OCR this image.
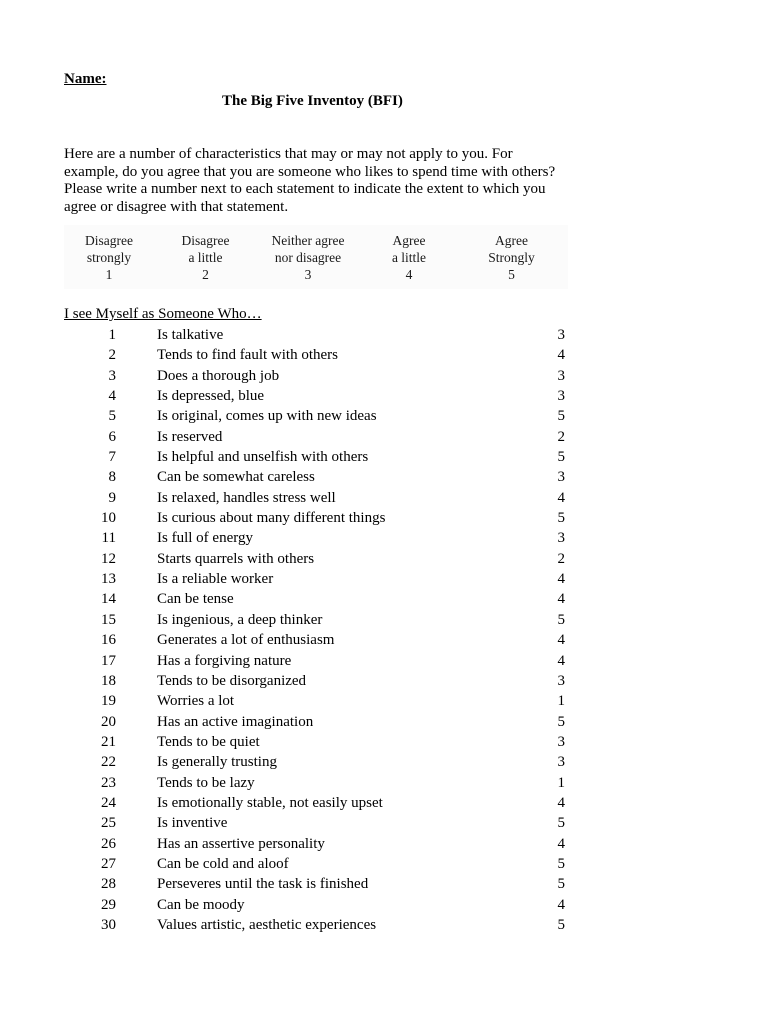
Name:
The Big Five Inventoy (BFI)
Here are a number of characteristics that may or may not apply to you. For
example, do you agree that you are someone who likes to spend time with others?
Please write a number next to each statement to indicate the extent to which you
agree or disagree with that statement.
Disagree
strongly
1
Disagree
a little
2
Neither agree
nor disagree
3
Agree
a little
4
Agree
Strongly
5
I see Myself as Someone Who…
1	Is talkative	3
2	Tends to find fault with others	4
3	Does a thorough job	3
4	Is depressed, blue	3
5	Is original, comes up with new ideas	5
6	Is reserved	2
7	Is helpful and unselfish with others	5
8	Can be somewhat careless	3
9	Is relaxed, handles stress well	4
10	Is curious about many different things	5
11	Is full of energy	3
12	Starts quarrels with others	2
13	Is a reliable worker	4
14	Can be tense	4
15	Is ingenious, a deep thinker	5
16	Generates a lot of enthusiasm	4
17	Has a forgiving nature	4
18	Tends to be disorganized	3
19	Worries a lot	1
20	Has an active imagination	5
21	Tends to be quiet	3
22	Is generally trusting	3
23	Tends to be lazy	1
24	Is emotionally stable, not easily upset	4
25	Is inventive	5
26	Has an assertive personality	4
27	Can be cold and aloof	5
28	Perseveres until the task is finished	5
29	Can be moody	4
30	Values artistic, aesthetic experiences	5
